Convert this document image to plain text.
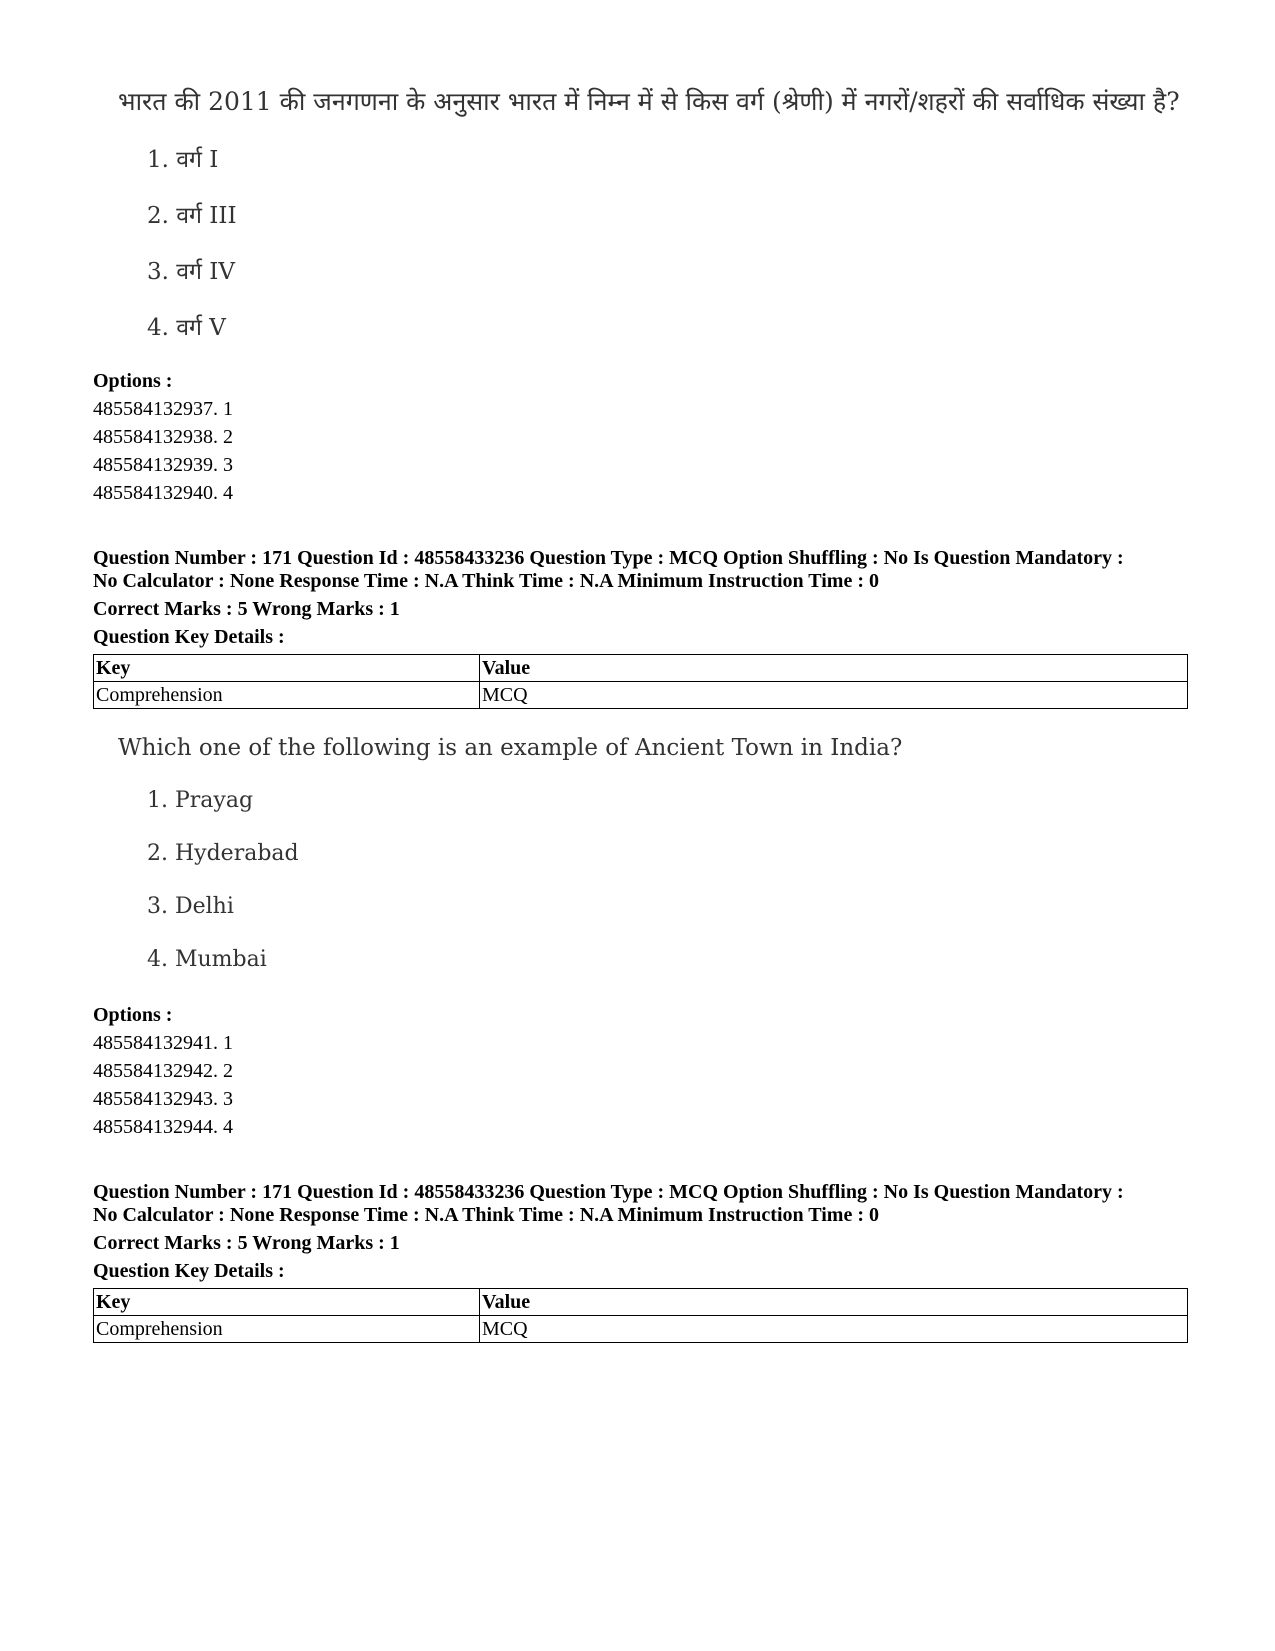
भारत की 2011 की जनगणना के अनुसार भारत में निम्न में से किस वर्ग (श्रेणी) में नगरों/शहरों की सर्वाधिक संख्या है?
1. वर्ग I
2. वर्ग III
3. वर्ग IV
4. वर्ग V
Options :
485584132937. 1
485584132938. 2
485584132939. 3
485584132940. 4
Question Number : 171 Question Id : 48558433236 Question Type : MCQ Option Shuffling : No Is Question Mandatory :
No Calculator : None Response Time : N.A Think Time : N.A Minimum Instruction Time : 0
Correct Marks : 5 Wrong Marks : 1
Question Key Details :
Key	Value
Comprehension	MCQ
Which one of the following is an example of Ancient Town in India?
1. Prayag
2. Hyderabad
3. Delhi
4. Mumbai
Options :
485584132941. 1
485584132942. 2
485584132943. 3
485584132944. 4
Question Number : 171 Question Id : 48558433236 Question Type : MCQ Option Shuffling : No Is Question Mandatory :
No Calculator : None Response Time : N.A Think Time : N.A Minimum Instruction Time : 0
Correct Marks : 5 Wrong Marks : 1
Question Key Details :
Key	Value
Comprehension	MCQ
